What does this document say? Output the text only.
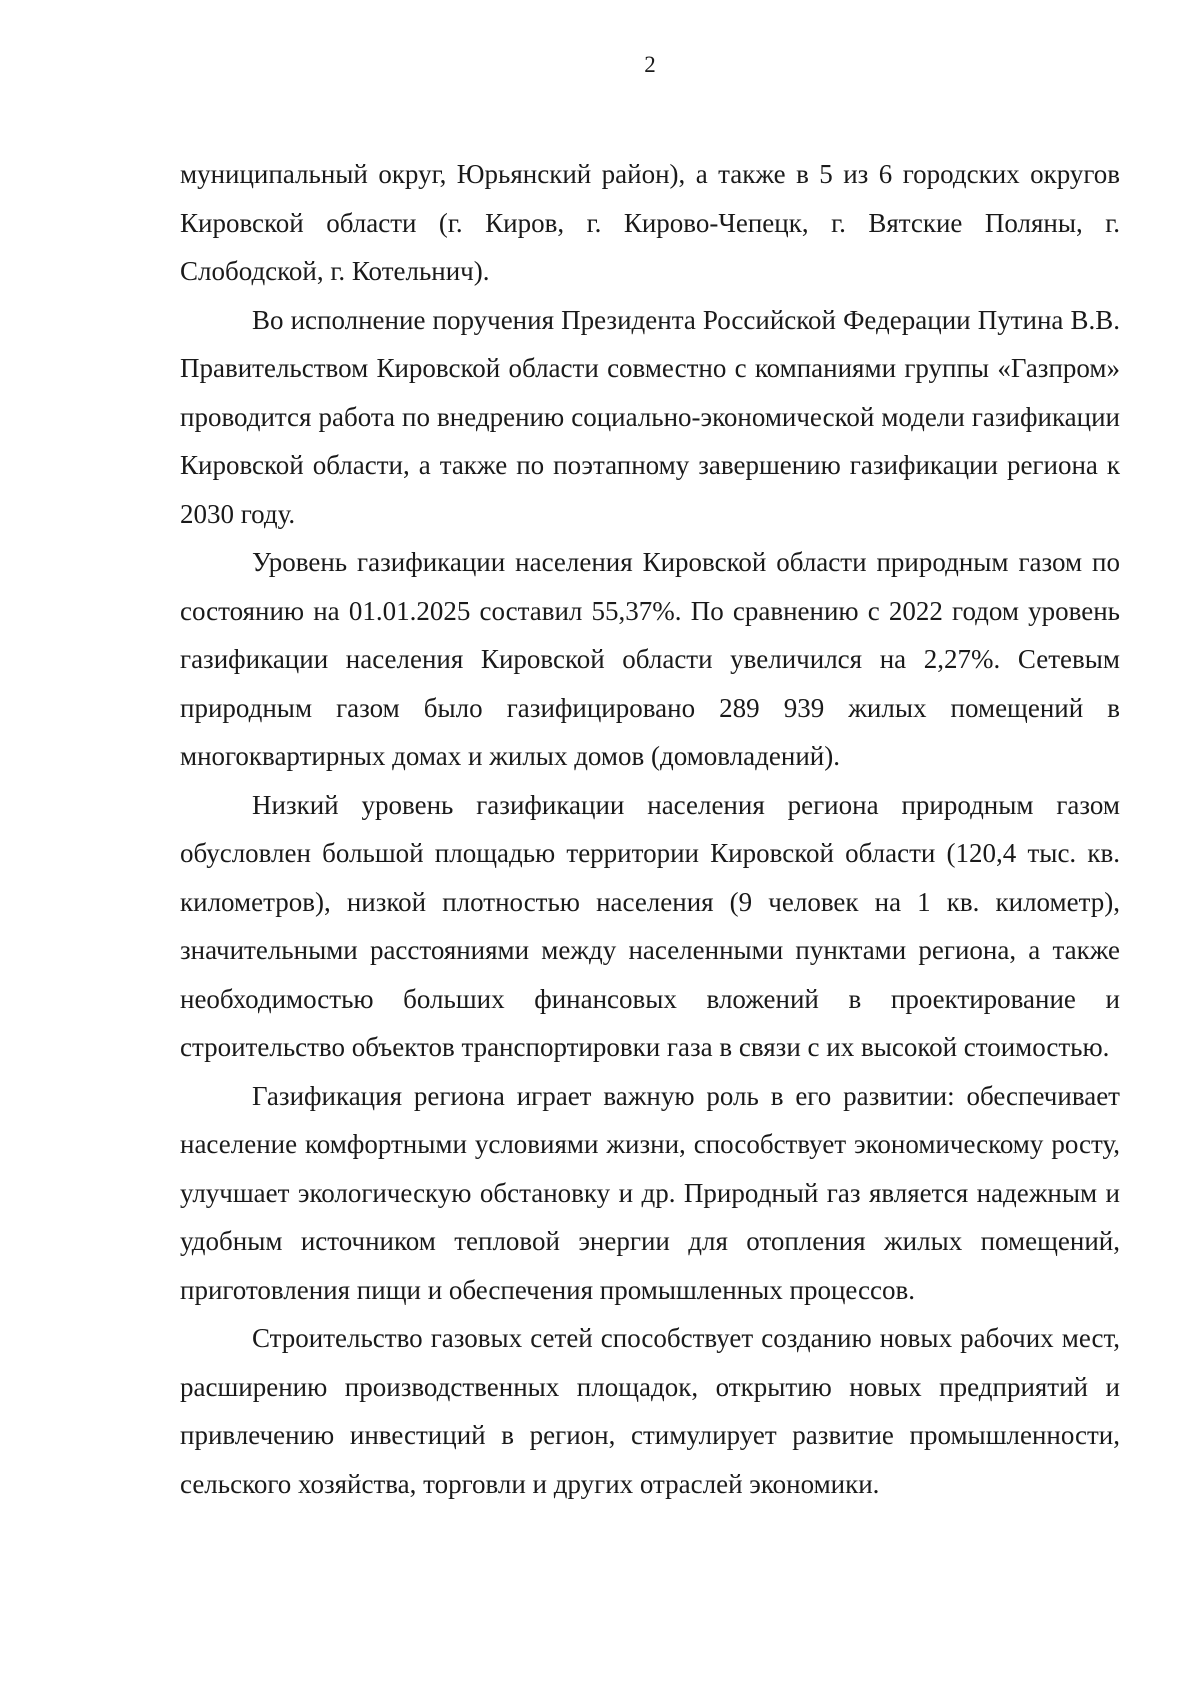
2

муниципальный округ, Юрьянский район), а также в 5 из 6 городских округов Кировской области (г. Киров, г. Кирово-Чепецк, г. Вятские Поляны, г. Слободской, г. Котельнич).

Во исполнение поручения Президента Российской Федерации Путина В.В. Правительством Кировской области совместно с компаниями группы «Газпром» проводится работа по внедрению социально-экономической модели газификации Кировской области, а также по поэтапному завершению газификации региона к 2030 году.

Уровень газификации населения Кировской области природным газом по состоянию на 01.01.2025 составил 55,37%. По сравнению с 2022 годом уровень газификации населения Кировской области увеличился на 2,27%. Сетевым природным газом было газифицировано 289 939 жилых помещений в многоквартирных домах и жилых домов (домовладений).

Низкий уровень газификации населения региона природным газом обусловлен большой площадью территории Кировской области (120,4 тыс. кв. километров), низкой плотностью населения (9 человек на 1 кв. километр), значительными расстояниями между населенными пунктами региона, а также необходимостью больших финансовых вложений в проектирование и строительство объектов транспортировки газа в связи с их высокой стоимостью.

Газификация региона играет важную роль в его развитии: обеспечивает население комфортными условиями жизни, способствует экономическому росту, улучшает экологическую обстановку и др. Природный газ является надежным и удобным источником тепловой энергии для отопления жилых помещений, приготовления пищи и обеспечения промышленных процессов.

Строительство газовых сетей способствует созданию новых рабочих мест, расширению производственных площадок, открытию новых предприятий и привлечению инвестиций в регион, стимулирует развитие промышленности, сельского хозяйства, торговли и других отраслей экономики.
